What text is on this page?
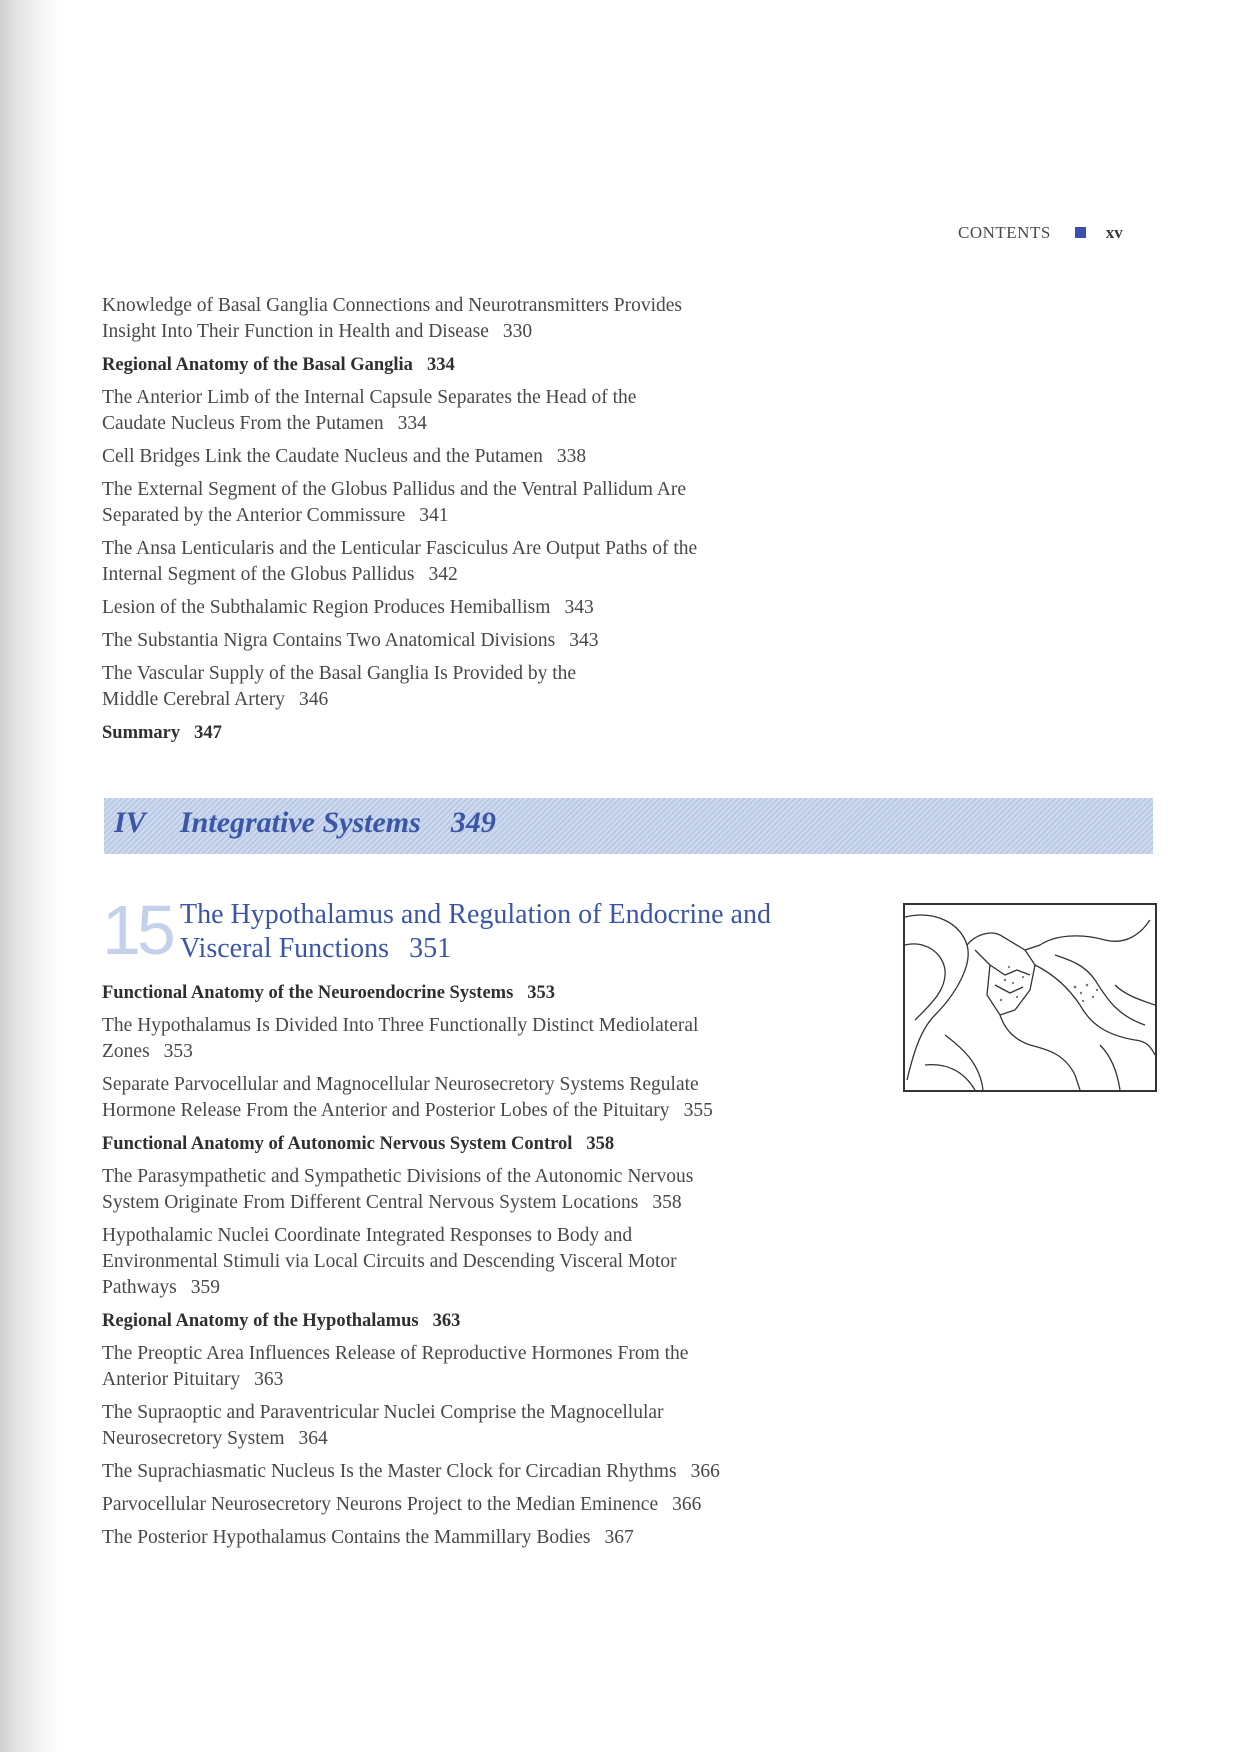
CONTENTS	xv
Knowledge of Basal Ganglia Connections and Neurotransmitters Provides Insight Into Their Function in Health and Disease 330
Regional Anatomy of the Basal Ganglia 334
The Anterior Limb of the Internal Capsule Separates the Head of the Caudate Nucleus From the Putamen 334
Cell Bridges Link the Caudate Nucleus and the Putamen 338
The External Segment of the Globus Pallidus and the Ventral Pallidum Are Separated by the Anterior Commissure 341
The Ansa Lenticularis and the Lenticular Fasciculus Are Output Paths of the Internal Segment of the Globus Pallidus 342
Lesion of the Subthalamic Region Produces Hemiballism 343
The Substantia Nigra Contains Two Anatomical Divisions 343
The Vascular Supply of the Basal Ganglia Is Provided by the Middle Cerebral Artery 346
Summary 347
IV Integrative Systems 349
15 The Hypothalamus and Regulation of Endocrine and Visceral Functions 351
Functional Anatomy of the Neuroendocrine Systems 353
The Hypothalamus Is Divided Into Three Functionally Distinct Mediolateral Zones 353
Separate Parvocellular and Magnocellular Neurosecretory Systems Regulate Hormone Release From the Anterior and Posterior Lobes of the Pituitary 355
Functional Anatomy of Autonomic Nervous System Control 358
The Parasympathetic and Sympathetic Divisions of the Autonomic Nervous System Originate From Different Central Nervous System Locations 358
Hypothalamic Nuclei Coordinate Integrated Responses to Body and Environmental Stimuli via Local Circuits and Descending Visceral Motor Pathways 359
Regional Anatomy of the Hypothalamus 363
The Preoptic Area Influences Release of Reproductive Hormones From the Anterior Pituitary 363
The Supraoptic and Paraventricular Nuclei Comprise the Magnocellular Neurosecretory System 364
The Suprachiasmatic Nucleus Is the Master Clock for Circadian Rhythms 366
Parvocellular Neurosecretory Neurons Project to the Median Eminence 366
The Posterior Hypothalamus Contains the Mammillary Bodies 367
